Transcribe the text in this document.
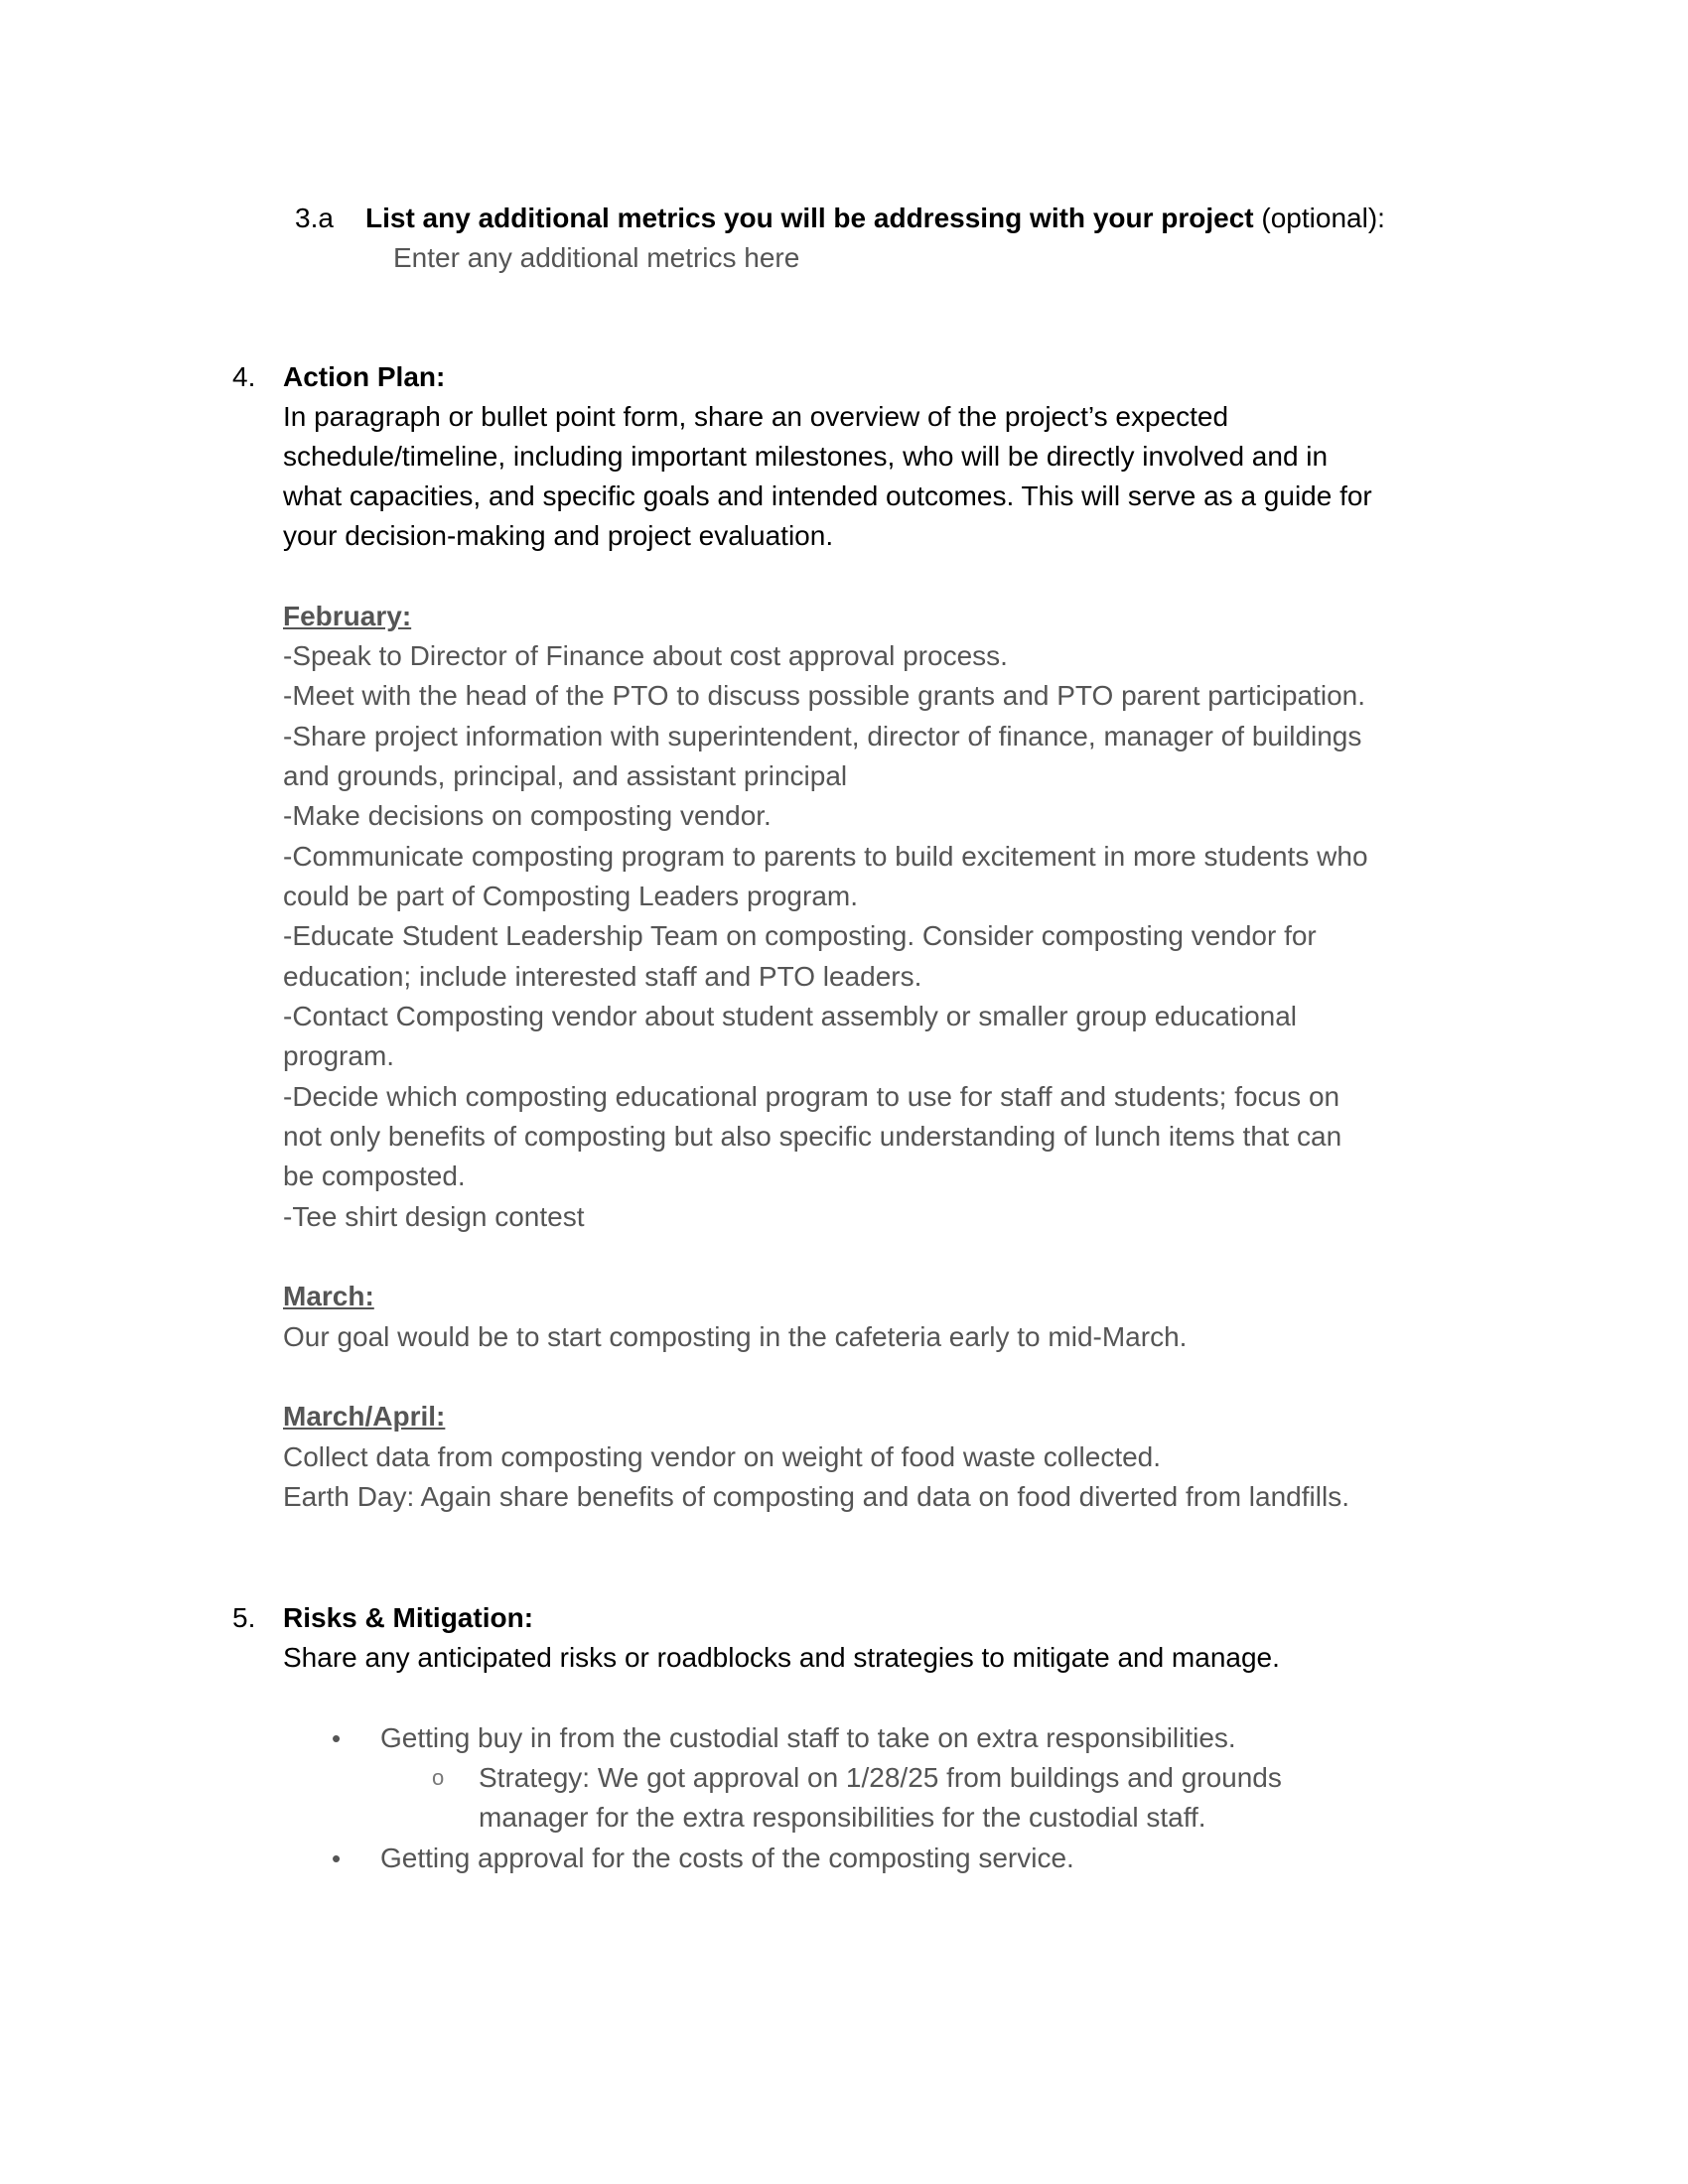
3.a List any additional metrics you will be addressing with your project (optional):
Enter any additional metrics here
4. Action Plan:
In paragraph or bullet point form, share an overview of the project’s expected
schedule/timeline, including important milestones, who will be directly involved and in
what capacities, and specific goals and intended outcomes. This will serve as a guide for
your decision-making and project evaluation.
February:
-Speak to Director of Finance about cost approval process.
-Meet with the head of the PTO to discuss possible grants and PTO parent participation.
-Share project information with superintendent, director of finance, manager of buildings
and grounds, principal, and assistant principal
-Make decisions on composting vendor.
-Communicate composting program to parents to build excitement in more students who
could be part of Composting Leaders program.
-Educate Student Leadership Team on composting. Consider composting vendor for
education; include interested staff and PTO leaders.
-Contact Composting vendor about student assembly or smaller group educational
program.
-Decide which composting educational program to use for staff and students; focus on
not only benefits of composting but also specific understanding of lunch items that can
be composted.
-Tee shirt design contest
March:
Our goal would be to start composting in the cafeteria early to mid-March.
March/April:
Collect data from composting vendor on weight of food waste collected.
Earth Day: Again share benefits of composting and data on food diverted from landfills.
5. Risks & Mitigation:
Share any anticipated risks or roadblocks and strategies to mitigate and manage.
• Getting buy in from the custodial staff to take on extra responsibilities.
o Strategy: We got approval on 1/28/25 from buildings and grounds
manager for the extra responsibilities for the custodial staff.
• Getting approval for the costs of the composting service.
